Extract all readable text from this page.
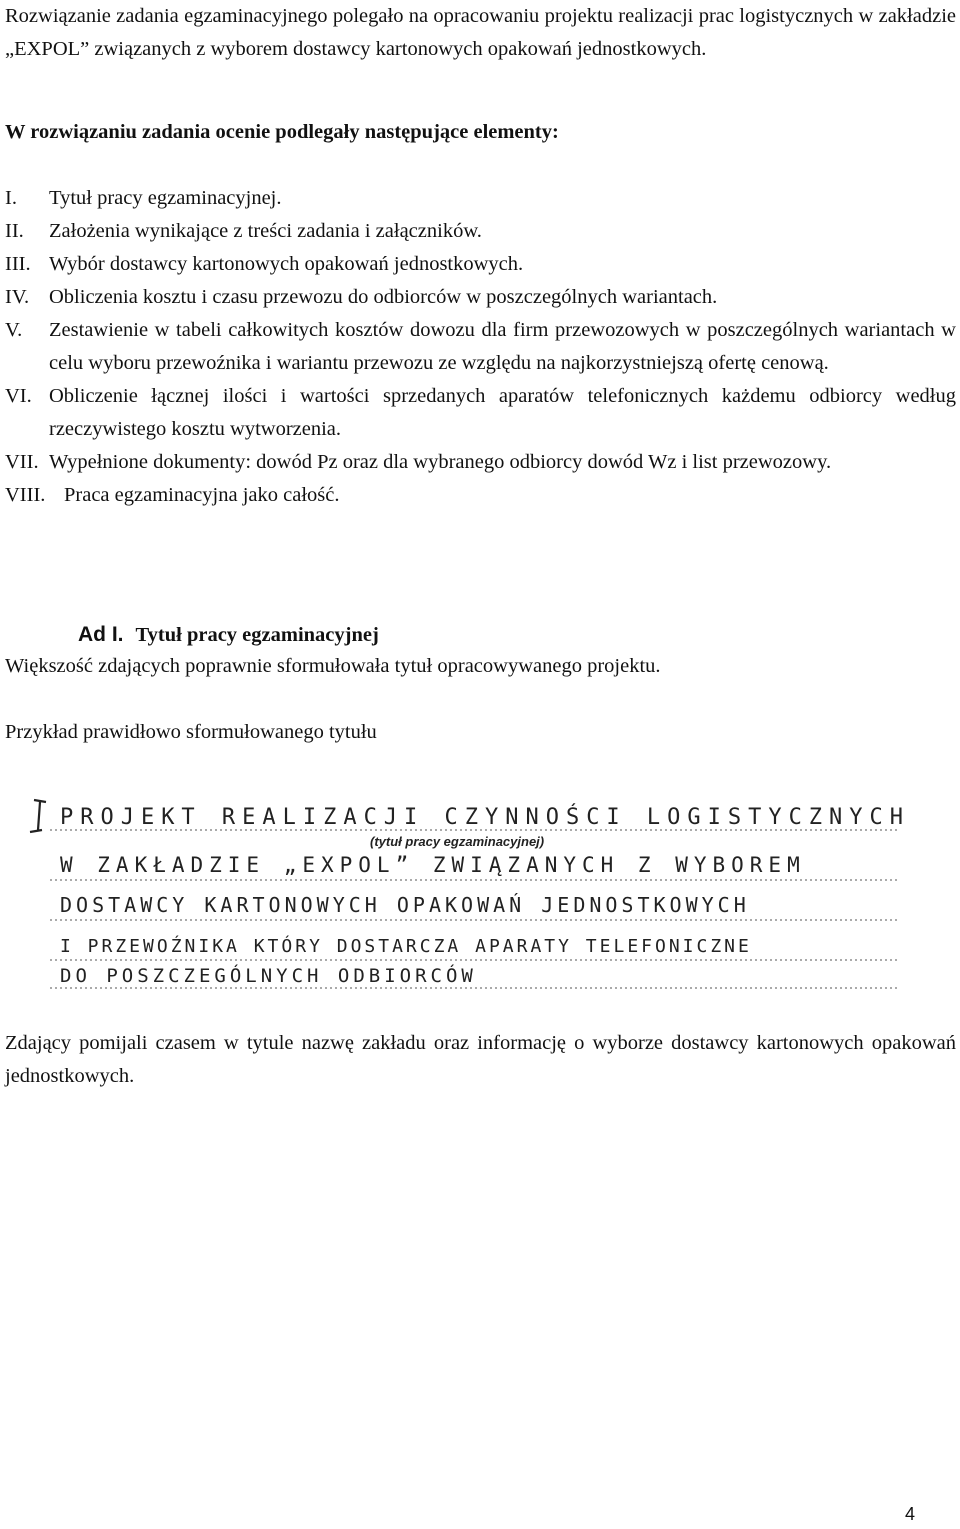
Rozwiązanie zadania egzaminacyjnego polegało na opracowaniu projektu realizacji prac logistycznych w zakładzie „EXPOL” związanych z wyborem dostawcy kartonowych opakowań jednostkowych.
W rozwiązaniu zadania ocenie podlegały następujące elementy:
I.	Tytuł pracy egzaminacyjnej.
II.	Założenia wynikające z treści zadania i załączników.
III. Wybór dostawcy kartonowych opakowań jednostkowych.
IV. Obliczenia kosztu i czasu przewozu do odbiorców w poszczególnych wariantach.
V.	Zestawienie w tabeli całkowitych kosztów dowozu dla firm przewozowych w poszczególnych wariantach w celu wyboru przewoźnika i wariantu przewozu ze względu na najkorzystniejszą ofertę cenową.
VI. Obliczenie łącznej ilości i wartości sprzedanych aparatów telefonicznych każdemu odbiorcy według rzeczywistego kosztu wytworzenia.
VII. Wypełnione dokumenty: dowód Pz oraz dla wybranego odbiorcy dowód Wz i list przewozowy.
VIII. Praca egzaminacyjna jako całość.
Ad I. Tytuł pracy egzaminacyjnej
Większość zdających poprawnie sformułowała tytuł opracowywanego projektu.
Przykład prawidłowo sformułowanego tytułu
PROJEKT REALIZACJI CZYNNOŚCI LOGISTYCZNYCH
(tytuł pracy egzaminacyjnej)
W ZAKŁADZIE „EXPOL” ZWIĄZANYCH Z WYBOREM
DOSTAWCY KARTONOWYCH OPAKOWAŃ JEDNOSTKOWYCH
I PRZEWOŹNIKA KTÓRY DOSTARCZA APARATY TELEFONICZNE
DO POSZCZEGÓLNYCH ODBIORCÓW
Zdający pomijali czasem w tytule nazwę zakładu oraz informację o wyborze dostawcy kartonowych opakowań jednostkowych.
4
